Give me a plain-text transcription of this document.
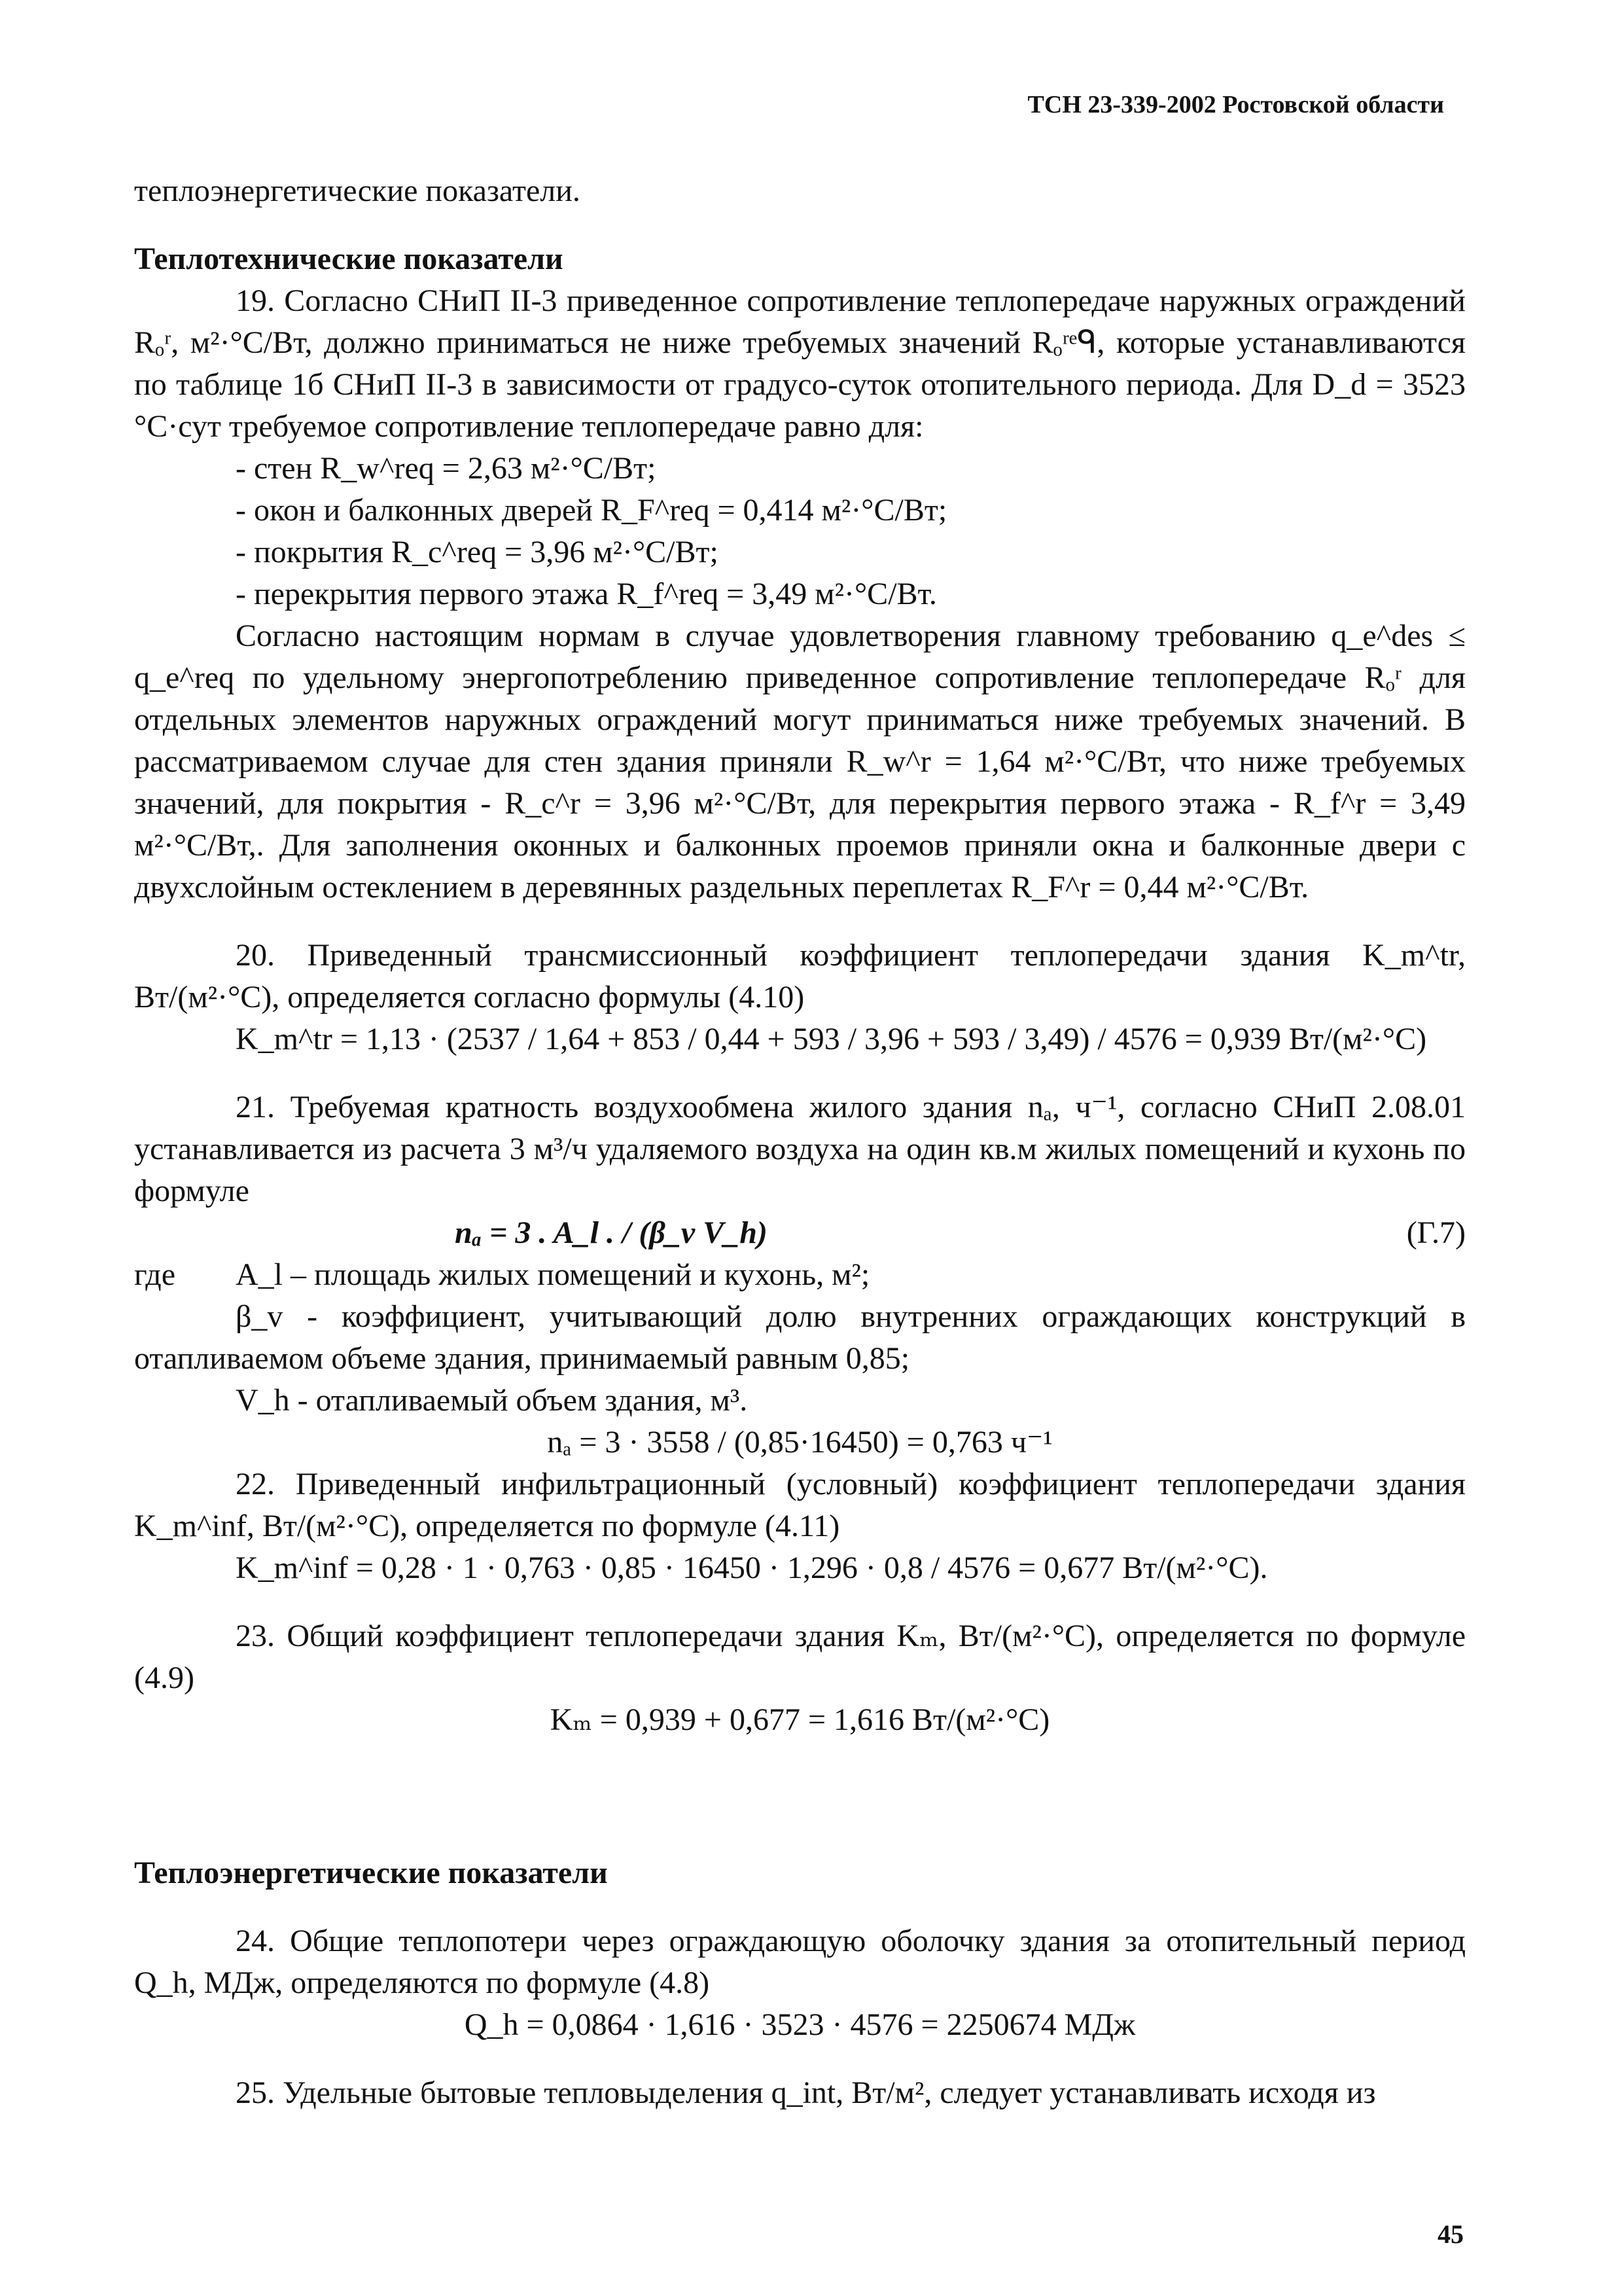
ТСН 23-339-2002 Ростовской области

теплоэнергетические показатели.

Теплотехнические показатели

19. Согласно СНиП II-3 приведенное сопротивление теплопередаче наружных ограждений Rₒʳ, м²·°С/Вт, должно приниматься не ниже требуемых значений Rₒʳᵉᑫ, которые устанавливаются по таблице 1б СНиП II-3 в зависимости от градусо-суток отопительного периода. Для D_d = 3523 °С·сут требуемое сопротивление теплопередаче равно для:

- стен R_w^req = 2,63 м²·°С/Вт;

- окон и балконных дверей R_F^req = 0,414 м²·°С/Вт;

- покрытия R_c^req = 3,96 м²·°С/Вт;

- перекрытия первого этажа R_f^req = 3,49 м²·°С/Вт.

Согласно настоящим нормам в случае удовлетворения главному требованию q_e^des ≤ q_e^req по удельному энергопотреблению приведенное сопротивление теплопередаче Rₒʳ для отдельных элементов наружных ограждений могут приниматься ниже требуемых значений. В рассматриваемом случае для стен здания приняли R_w^r = 1,64 м²·°С/Вт, что ниже требуемых значений, для покрытия - R_c^r = 3,96 м²·°С/Вт, для перекрытия первого этажа - R_f^r = 3,49 м²·°С/Вт,. Для заполнения оконных и балконных проемов приняли окна и балконные двери с двухслойным остеклением в деревянных раздельных переплетах R_F^r = 0,44 м²·°С/Вт.

20. Приведенный трансмиссионный коэффициент теплопередачи здания K_m^tr, Вт/(м²·°С), определяется согласно формулы (4.10)

K_m^tr = 1,13 · (2537 / 1,64 + 853 / 0,44 + 593 / 3,96 + 593 / 3,49) / 4576 = 0,939 Вт/(м²·°С)

21. Требуемая кратность воздухообмена жилого здания nₐ, ч⁻¹, согласно СНиП 2.08.01 устанавливается из расчета 3 м³/ч удаляемого воздуха на один кв.м жилых помещений и кухонь по формуле

nₐ = 3 . A_l . / (β_v V_h)	(Г.7)
где	A_l – площадь жилых помещений и кухонь, м²;

β_v - коэффициент, учитывающий долю внутренних ограждающих конструкций в отапливаемом объеме здания, принимаемый равным 0,85;

V_h - отапливаемый объем здания, м³.

nₐ = 3 · 3558 / (0,85·16450) = 0,763 ч⁻¹

22. Приведенный инфильтрационный (условный) коэффициент теплопередачи здания K_m^inf, Вт/(м²·°С), определяется по формуле (4.11)

K_m^inf = 0,28 · 1 · 0,763 · 0,85 · 16450 · 1,296 · 0,8 / 4576 = 0,677 Вт/(м²·°С).

23. Общий коэффициент теплопередачи здания Kₘ, Вт/(м²·°С), определяется по формуле (4.9)

Kₘ = 0,939 + 0,677 = 1,616 Вт/(м²·°С)

Теплоэнергетические показатели

24. Общие теплопотери через ограждающую оболочку здания за отопительный период Q_h, МДж, определяются по формуле (4.8)

Q_h = 0,0864 · 1,616 · 3523 · 4576 = 2250674 МДж

25. Удельные бытовые тепловыделения q_int, Вт/м², следует устанавливать исходя из

45
